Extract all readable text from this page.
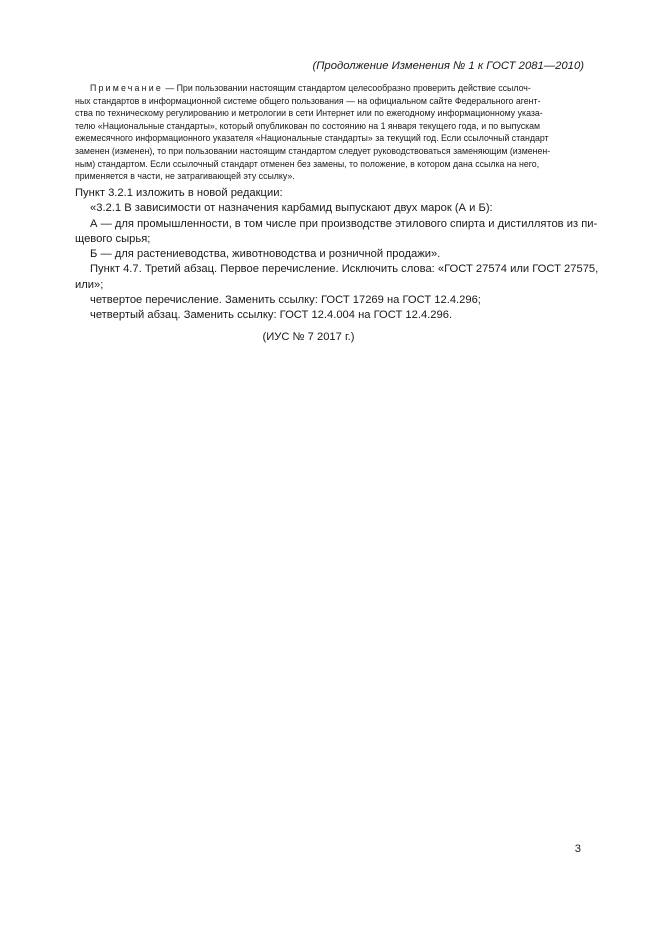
(Продолжение Изменения № 1 к ГОСТ 2081—2010)

Примечание — При пользовании настоящим стандартом целесообразно проверить действие ссылоч-
ных стандартов в информационной системе общего пользования — на официальном сайте Федерального агент-
ства по техническому регулированию и метрологии в сети Интернет или по ежегодному информационному указа-
телю «Национальные стандарты», который опубликован по состоянию на 1 января текущего года, и по выпускам
ежемесячного информационного указателя «Национальные стандарты» за текущий год. Если ссылочный стандарт
заменен (изменен), то при пользовании настоящим стандартом следует руководствоваться заменяющим (изменен-
ным) стандартом. Если ссылочный стандарт отменен без замены, то положение, в котором дана ссылка на него,
применяется в части, не затрагивающей эту ссылку».

Пункт 3.2.1 изложить в новой редакции:
«3.2.1 В зависимости от назначения карбамид выпускают двух марок (А и Б):
А — для промышленности, в том числе при производстве этилового спирта и дистиллятов из пи-
щевого сырья;
Б — для растениеводства, животноводства и розничной продажи».
Пункт 4.7. Третий абзац. Первое перечисление. Исключить слова: «ГОСТ 27574 или ГОСТ 27575,
или»;
четвертое перечисление. Заменить ссылку: ГОСТ 17269 на ГОСТ 12.4.296;
четвертый абзац. Заменить ссылку: ГОСТ 12.4.004 на ГОСТ 12.4.296.
(ИУС № 7 2017 г.)
3
